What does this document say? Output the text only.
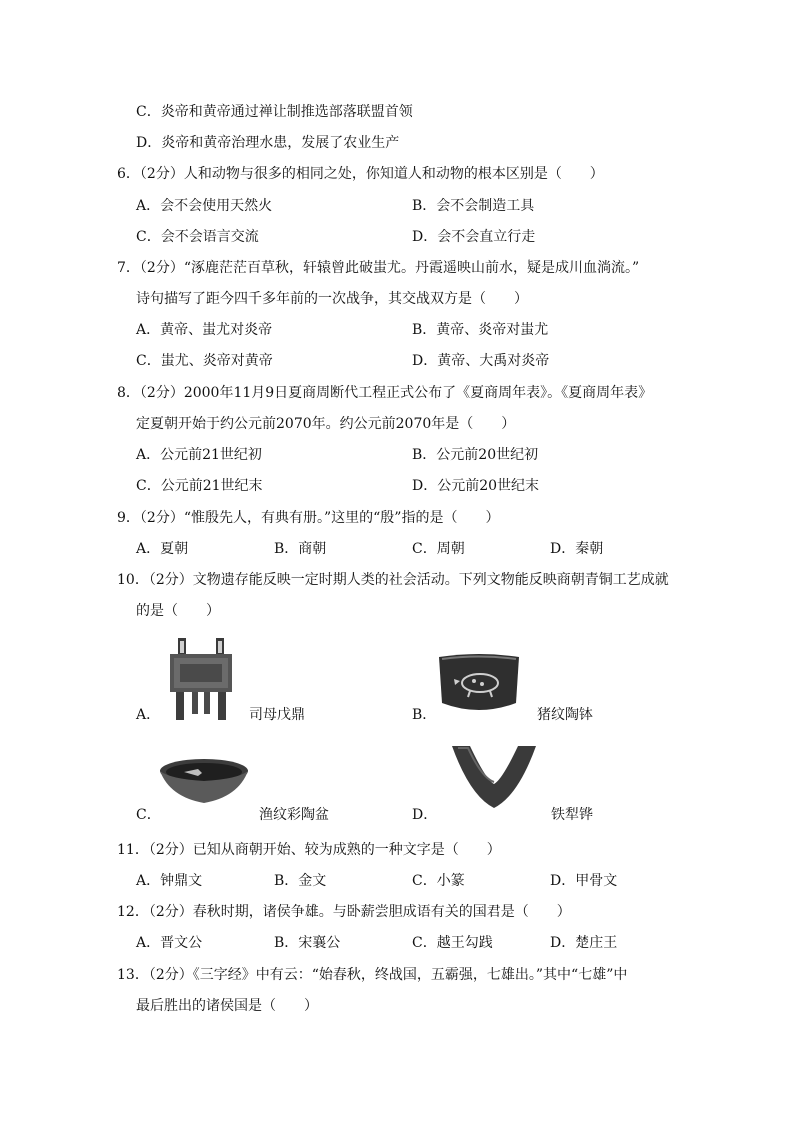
C．炎帝和黄帝通过禅让制推选部落联盟首领
D．炎帝和黄帝治理水患，发展了农业生产
6．（2分）人和动物与很多的相同之处，你知道人和动物的根本区别是（　　）
A．会不会使用天然火	B．会不会制造工具
C．会不会语言交流	D．会不会直立行走
7．（2分）“涿鹿茫茫百草秋，轩辕曾此破蚩尤。丹霞遥映山前水，疑是成川血淌流。”
诗句描写了距今四千多年前的一次战争，其交战双方是（　　）
A．黄帝、蚩尤对炎帝	B．黄帝、炎帝对蚩尤
C．蚩尤、炎帝对黄帝	D．黄帝、大禹对炎帝
8．（2分）2000年11月9日夏商周断代工程正式公布了《夏商周年表》。《夏商周年表》
定夏朝开始于约公元前2070年。约公元前2070年是（　　）
A．公元前21世纪初	B．公元前20世纪初
C．公元前21世纪末	D．公元前20世纪末
9．（2分）“惟殷先人，有典有册。”这里的“殷”指的是（　　）
A．夏朝	B．商朝	C．周朝	D．秦朝
10．（2分）文物遗存能反映一定时期人类的社会活动。下列文物能反映商朝青铜工艺成就
的是（　　）
A．	司母戊鼎	B．	猪纹陶钵
C．	渔纹彩陶盆	D．	铁犁铧
11．（2分）已知从商朝开始、较为成熟的一种文字是（　　）
A．钟鼎文	B．金文	C．小篆	D．甲骨文
12．（2分）春秋时期，诸侯争雄。与卧薪尝胆成语有关的国君是（　　）
A．晋文公	B．宋襄公	C．越王勾践	D．楚庄王
13．（2分）《三字经》中有云：“始春秋，终战国，五霸强，七雄出。”其中“七雄”中
最后胜出的诸侯国是（　　）
